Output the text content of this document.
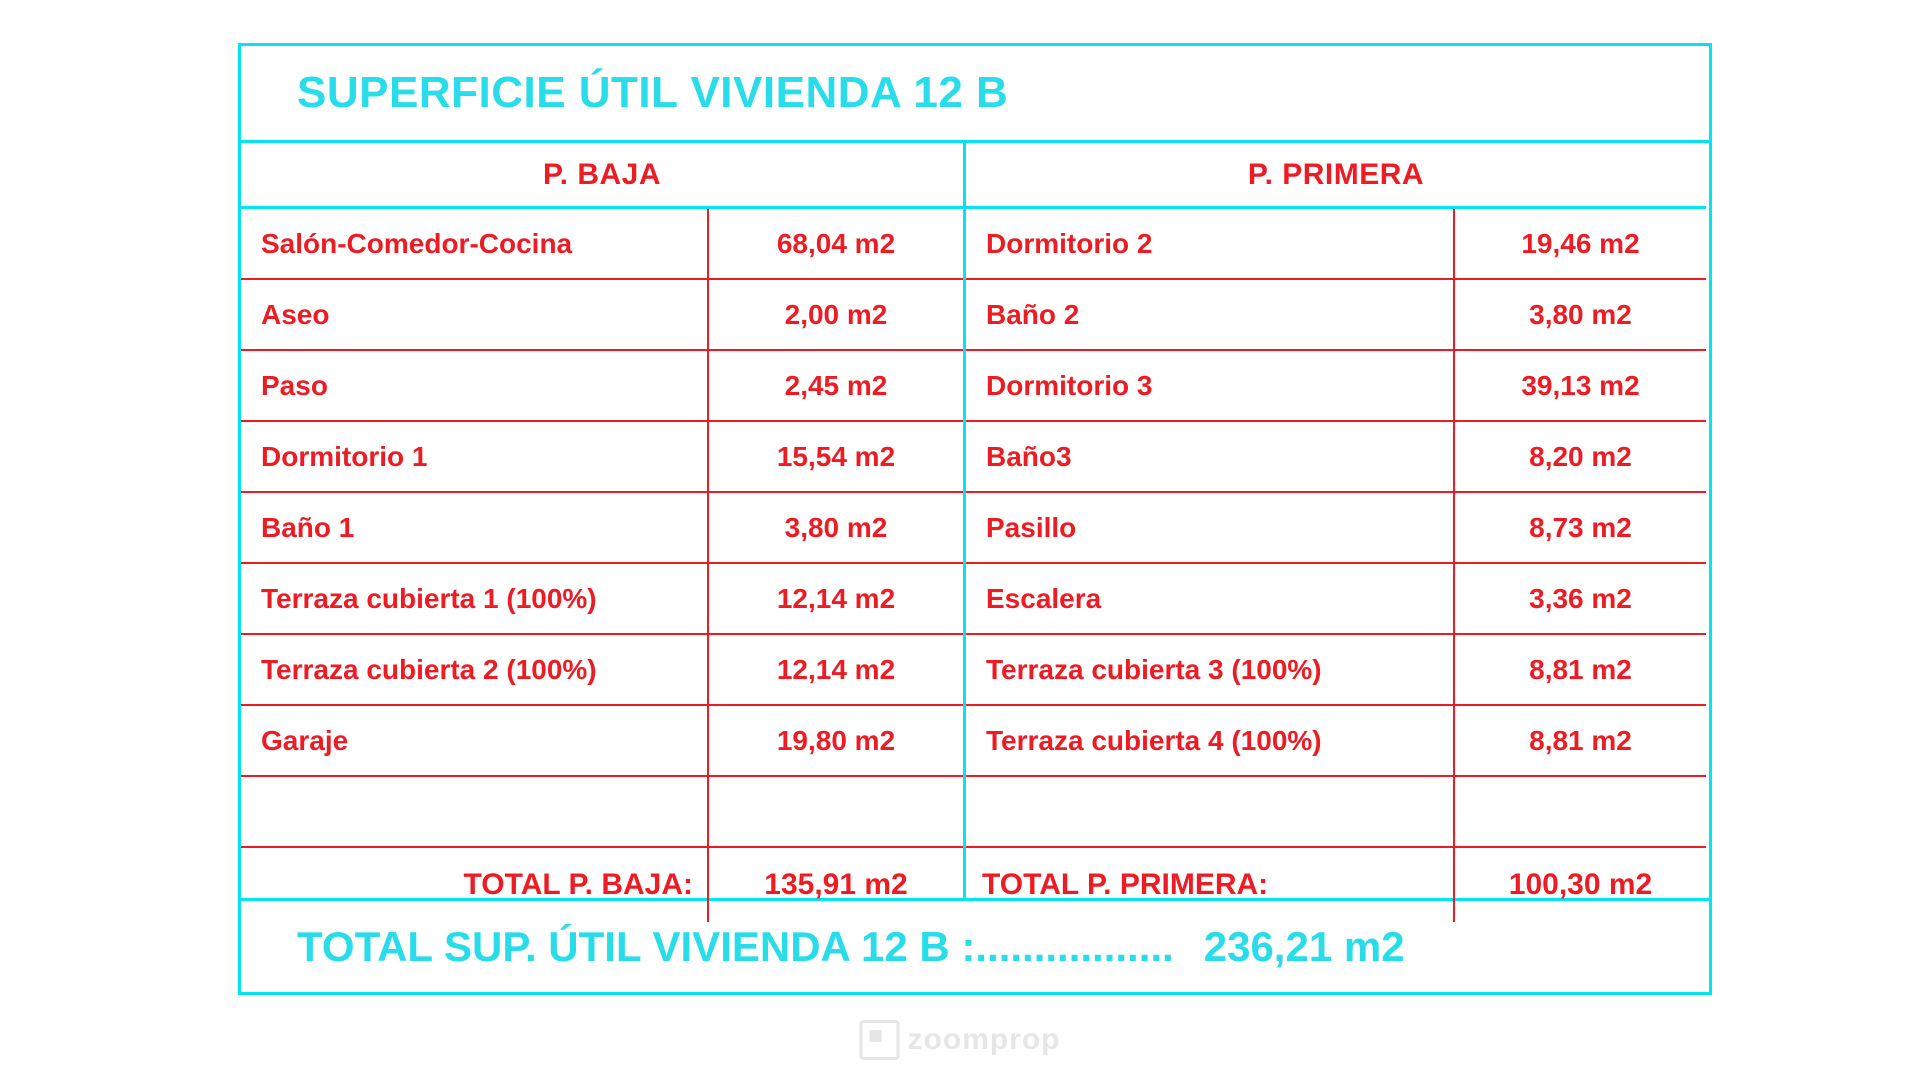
SUPERFICIE ÚTIL VIVIENDA 12 B
P. BAJA
Salón-Comedor-Cocina	68,04 m2
Aseo	2,00 m2
Paso	2,45 m2
Dormitorio 1	15,54 m2
Baño 1	3,80 m2
Terraza cubierta 1 (100%)	12,14 m2
Terraza cubierta 2 (100%)	12,14 m2
Garaje	19,80 m2
TOTAL P. BAJA:	135,91 m2
P. PRIMERA
Dormitorio 2	19,46 m2
Baño 2	3,80 m2
Dormitorio 3	39,13 m2
Baño3	8,20 m2
Pasillo	8,73 m2
Escalera	3,36 m2
Terraza cubierta 3 (100%)	8,81 m2
Terraza cubierta 4 (100%)	8,81 m2
TOTAL P. PRIMERA:	100,30 m2
TOTAL SUP. ÚTIL VIVIENDA 12 B :................. 236,21 m2
zoomprop
